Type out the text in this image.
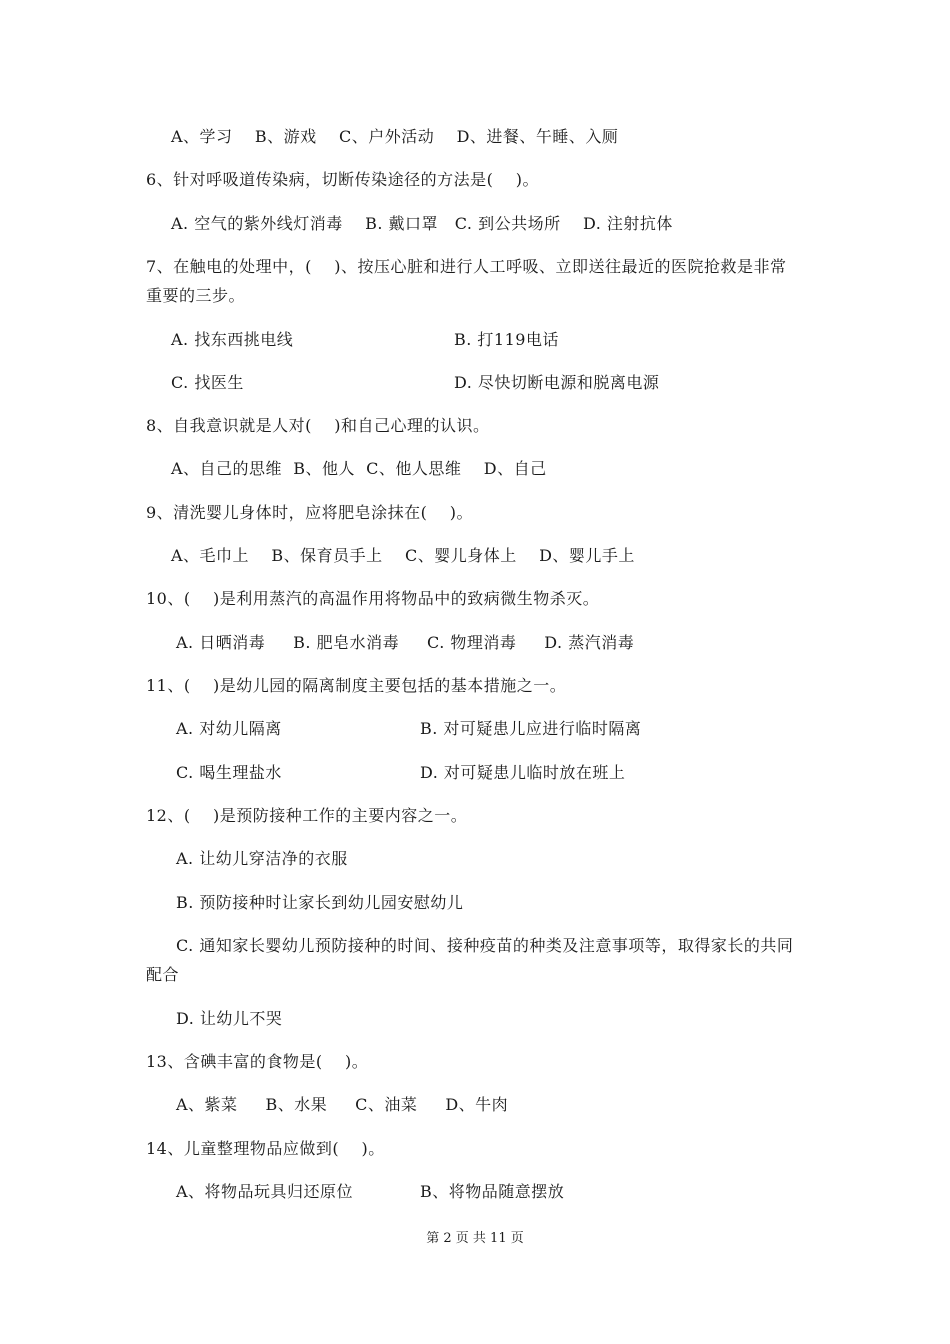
A、学习    B、游戏    C、户外活动    D、进餐、午睡、入厕
6、针对呼吸道传染病，切断传染途径的方法是(    )。
A. 空气的紫外线灯消毒    B. 戴口罩   C. 到公共场所    D. 注射抗体
7、在触电的处理中，(    )、按压心脏和进行人工呼吸、立即送往最近的医院抢救是非常
重要的三步。
A. 找东西挑电线	B. 打119电话
C. 找医生	D. 尽快切断电源和脱离电源
8、自我意识就是人对(    )和自己心理的认识。
A、自己的思维  B、他人  C、他人思维    D、自己
9、清洗婴儿身体时，应将肥皂涂抹在(    )。
A、毛巾上    B、保育员手上    C、婴儿身体上    D、婴儿手上
10、(    )是利用蒸汽的高温作用将物品中的致病微生物杀灭。
A. 日晒消毒     B. 肥皂水消毒     C. 物理消毒     D. 蒸汽消毒
11、(    )是幼儿园的隔离制度主要包括的基本措施之一。
A. 对幼儿隔离	B. 对可疑患儿应进行临时隔离
C. 喝生理盐水	D. 对可疑患儿临时放在班上
12、(    )是预防接种工作的主要内容之一。
A. 让幼儿穿洁净的衣服
B. 预防接种时让家长到幼儿园安慰幼儿
C. 通知家长婴幼儿预防接种的时间、接种疫苗的种类及注意事项等，取得家长的共同
配合
D. 让幼儿不哭
13、含碘丰富的食物是(    )。
A、紫菜     B、水果     C、油菜     D、牛肉
14、儿童整理物品应做到(    )。
A、将物品玩具归还原位	B、将物品随意摆放
第 2 页 共 11 页
